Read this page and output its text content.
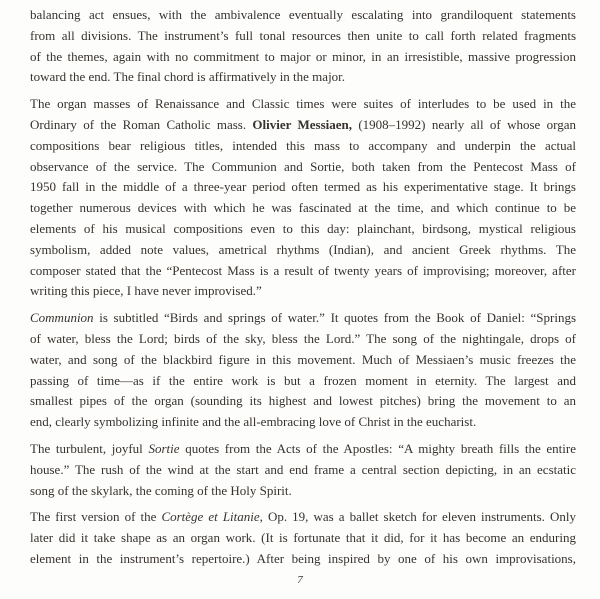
balancing act ensues, with the ambivalence eventually escalating into grandiloquent statements
from all divisions. The instrument’s full tonal resources then unite to call forth related fragments
of the themes, again with no commitment to major or minor, in an irresistible, massive progression
toward the end. The final chord is affirmatively in the major.
The organ masses of Renaissance and Classic times were suites of interludes to be used in the
Ordinary of the Roman Catholic mass. Olivier Messiaen, (1908–1992) nearly all of whose organ
compositions bear religious titles, intended this mass to accompany and underpin the actual
observance of the service. The Communion and Sortie, both taken from the Pentecost Mass of
1950 fall in the middle of a three-year period often termed as his experimentative stage. It brings
together numerous devices with which he was fascinated at the time, and which continue to be
elements of his musical compositions even to this day: plainchant, birdsong, mystical religious
symbolism, added note values, ametrical rhythms (Indian), and ancient Greek rhythms. The
composer stated that the “Pentecost Mass is a result of twenty years of improvising; moreover, after
writing this piece, I have never improvised.”
Communion is subtitled “Birds and springs of water.” It quotes from the Book of Daniel: “Springs
of water, bless the Lord; birds of the sky, bless the Lord.” The song of the nightingale, drops of
water, and song of the blackbird figure in this movement. Much of Messiaen’s music freezes the
passing of time—as if the entire work is but a frozen moment in eternity. The largest and
smallest pipes of the organ (sounding its highest and lowest pitches) bring the movement to an
end, clearly symbolizing infinite and the all-embracing love of Christ in the eucharist.
The turbulent, joyful Sortie quotes from the Acts of the Apostles: “A mighty breath fills the entire
house.” The rush of the wind at the start and end frame a central section depicting, in an ecstatic
song of the skylark, the coming of the Holy Spirit.
The first version of the Cortège et Litanie, Op. 19, was a ballet sketch for eleven instruments. Only
later did it take shape as an organ work. (It is fortunate that it did, for it has become an enduring
element in the instrument’s repertoire.) After being inspired by one of his own improvisations,
7
